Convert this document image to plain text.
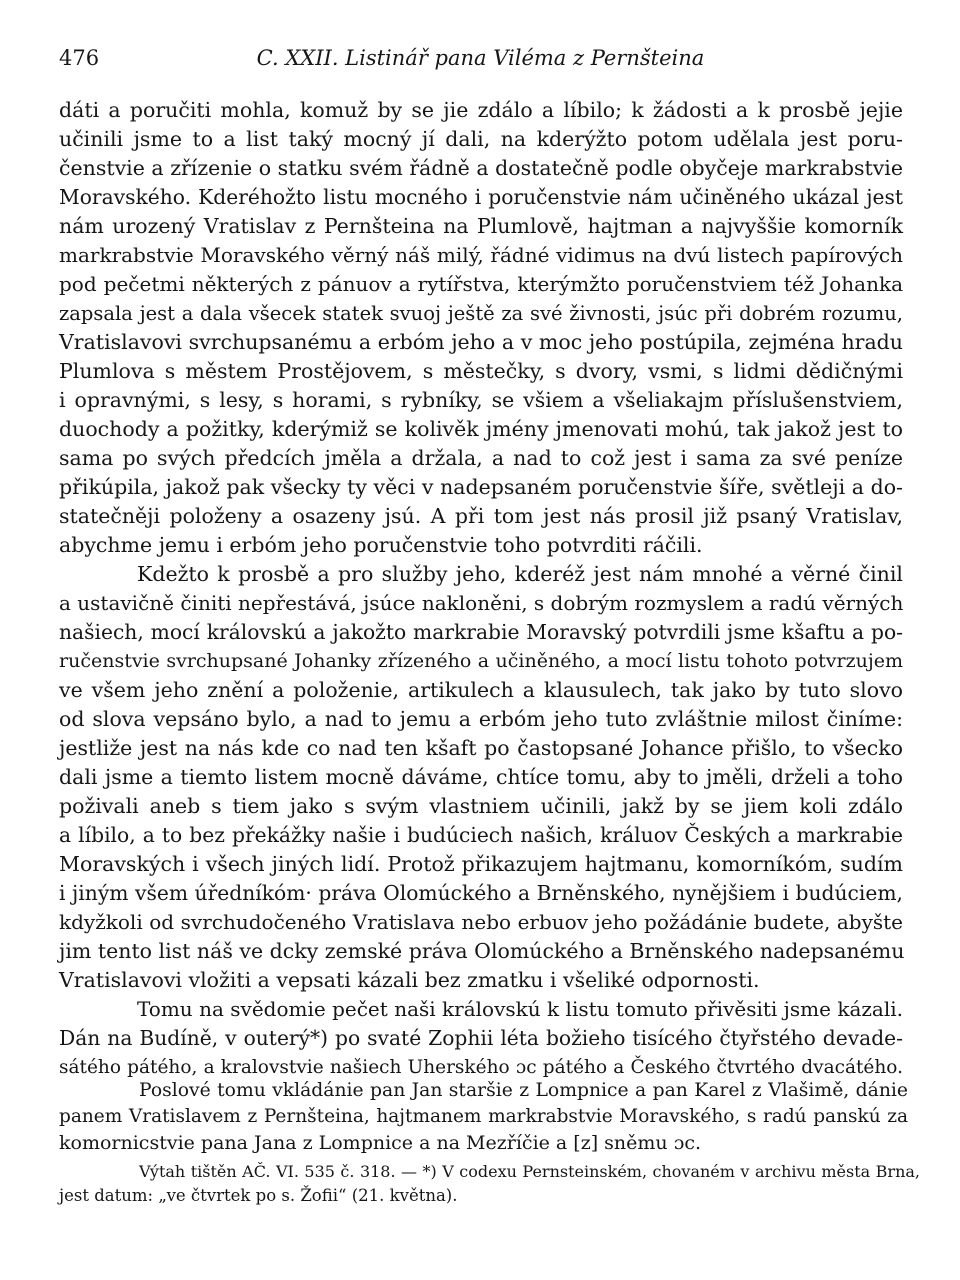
476	C. XXII. Listinář pana Viléma z Pernšteina
dáti a poručiti mohla, komuž by se jie zdálo a líbilo; k žádosti a k prosbě jejie
učinili jsme to a list taký mocný jí dali, na kderýžto potom udělala jest poru-
čenstvie a zřízenie o statku svém řádně a dostatečně podle obyčeje markrabstvie
Moravského. Kderéhožto listu mocného i poručenstvie nám učiněného ukázal jest
nám urozený Vratislav z Pernšteina na Plumlově, hajtman a najvyššie komorník
markrabstvie Moravského věrný náš milý, řádné vidimus na dvú listech papírových
pod pečetmi některých z pánuov a rytířstva, kterýmžto poručenstviem též Johanka
zapsala jest a dala všecek statek svuoj ještě za své živnosti, jsúc při dobrém rozumu,
Vratislavovi svrchupsanému a erbóm jeho a v moc jeho postúpila, zejména hradu
Plumlova s městem Prostějovem, s městečky, s dvory, vsmi, s lidmi dědičnými
i opravnými, s lesy, s horami, s rybníky, se všiem a všeliakajm příslušenstviem,
duochody a požitky, kderýmiž se kolivěk jmény jmenovati mohú, tak jakož jest to
sama po svých předcích jměla a držala, a nad to což jest i sama za své peníze
přikúpila, jakož pak všecky ty věci v nadepsaném poručenstvie šíře, světleji a do-
statečněji položeny a osazeny jsú. A při tom jest nás prosil již psaný Vratislav,
abychme jemu i erbóm jeho poručenstvie toho potvrditi ráčili.
Kdežto k prosbě a pro služby jeho, kderéž jest nám mnohé a věrné činil
a ustavičně činiti nepřestává, jsúce nakloněni, s dobrým rozmyslem a radú věrných
našiech, mocí královskú a jakožto markrabie Moravský potvrdili jsme kšaftu a po-
ručenstvie svrchupsané Johanky zřízeného a učiněného, a mocí listu tohoto potvrzujem
ve všem jeho znění a položenie, artikulech a klausulech, tak jako by tuto slovo
od slova vepsáno bylo, a nad to jemu a erbóm jeho tuto zvláštnie milost činíme:
jestliže jest na nás kde co nad ten kšaft po častopsané Johance přišlo, to všecko
dali jsme a tiemto listem mocně dáváme, chtíce tomu, aby to jměli, drželi a toho
poživali aneb s tiem jako s svým vlastniem učinili, jakž by se jiem koli zdálo
a líbilo, a to bez překážky našie i budúciech našich, králuov Českých a markrabie
Moravských i všech jiných lidí. Protož přikazujem hajtmanu, komorníkóm, sudím
i jiným všem úředníkóm· práva Olomúckého a Brněnského, nynějšiem i budúciem,
kdyžkoli od svrchudočeného Vratislava nebo erbuov jeho požádánie budete, abyšte
jim tento list náš ve dcky zemské práva Olomúckého a Brněnského nadepsanému
Vratislavovi vložiti a vepsati kázali bez zmatku i všeliké odpornosti.
Tomu na svědomie pečet naši královskú k listu tomuto přivěsiti jsme kázali.
Dán na Budíně, v outerý*) po svaté Zophii léta božieho tisícého čtyřstého devade-
sátého pátého, a kralovstvie našiech Uherského ɔc pátého a Českého čtvrtého dvacátého.
Poslové tomu vkládánie pan Jan staršie z Lompnice a pan Karel z Vlašimě, dánie
panem Vratislavem z Pernšteina, hajtmanem markrabstvie Moravského, s radú panskú za
komornicstvie pana Jana z Lompnice a na Mezříčie a [z] sněmu ɔc.
Výtah tištěn AČ. VI. 535 č. 318. — *) V codexu Pernsteinském, chovaném v archivu města Brna,
jest datum: „ve čtvrtek po s. Žofii“ (21. května).
